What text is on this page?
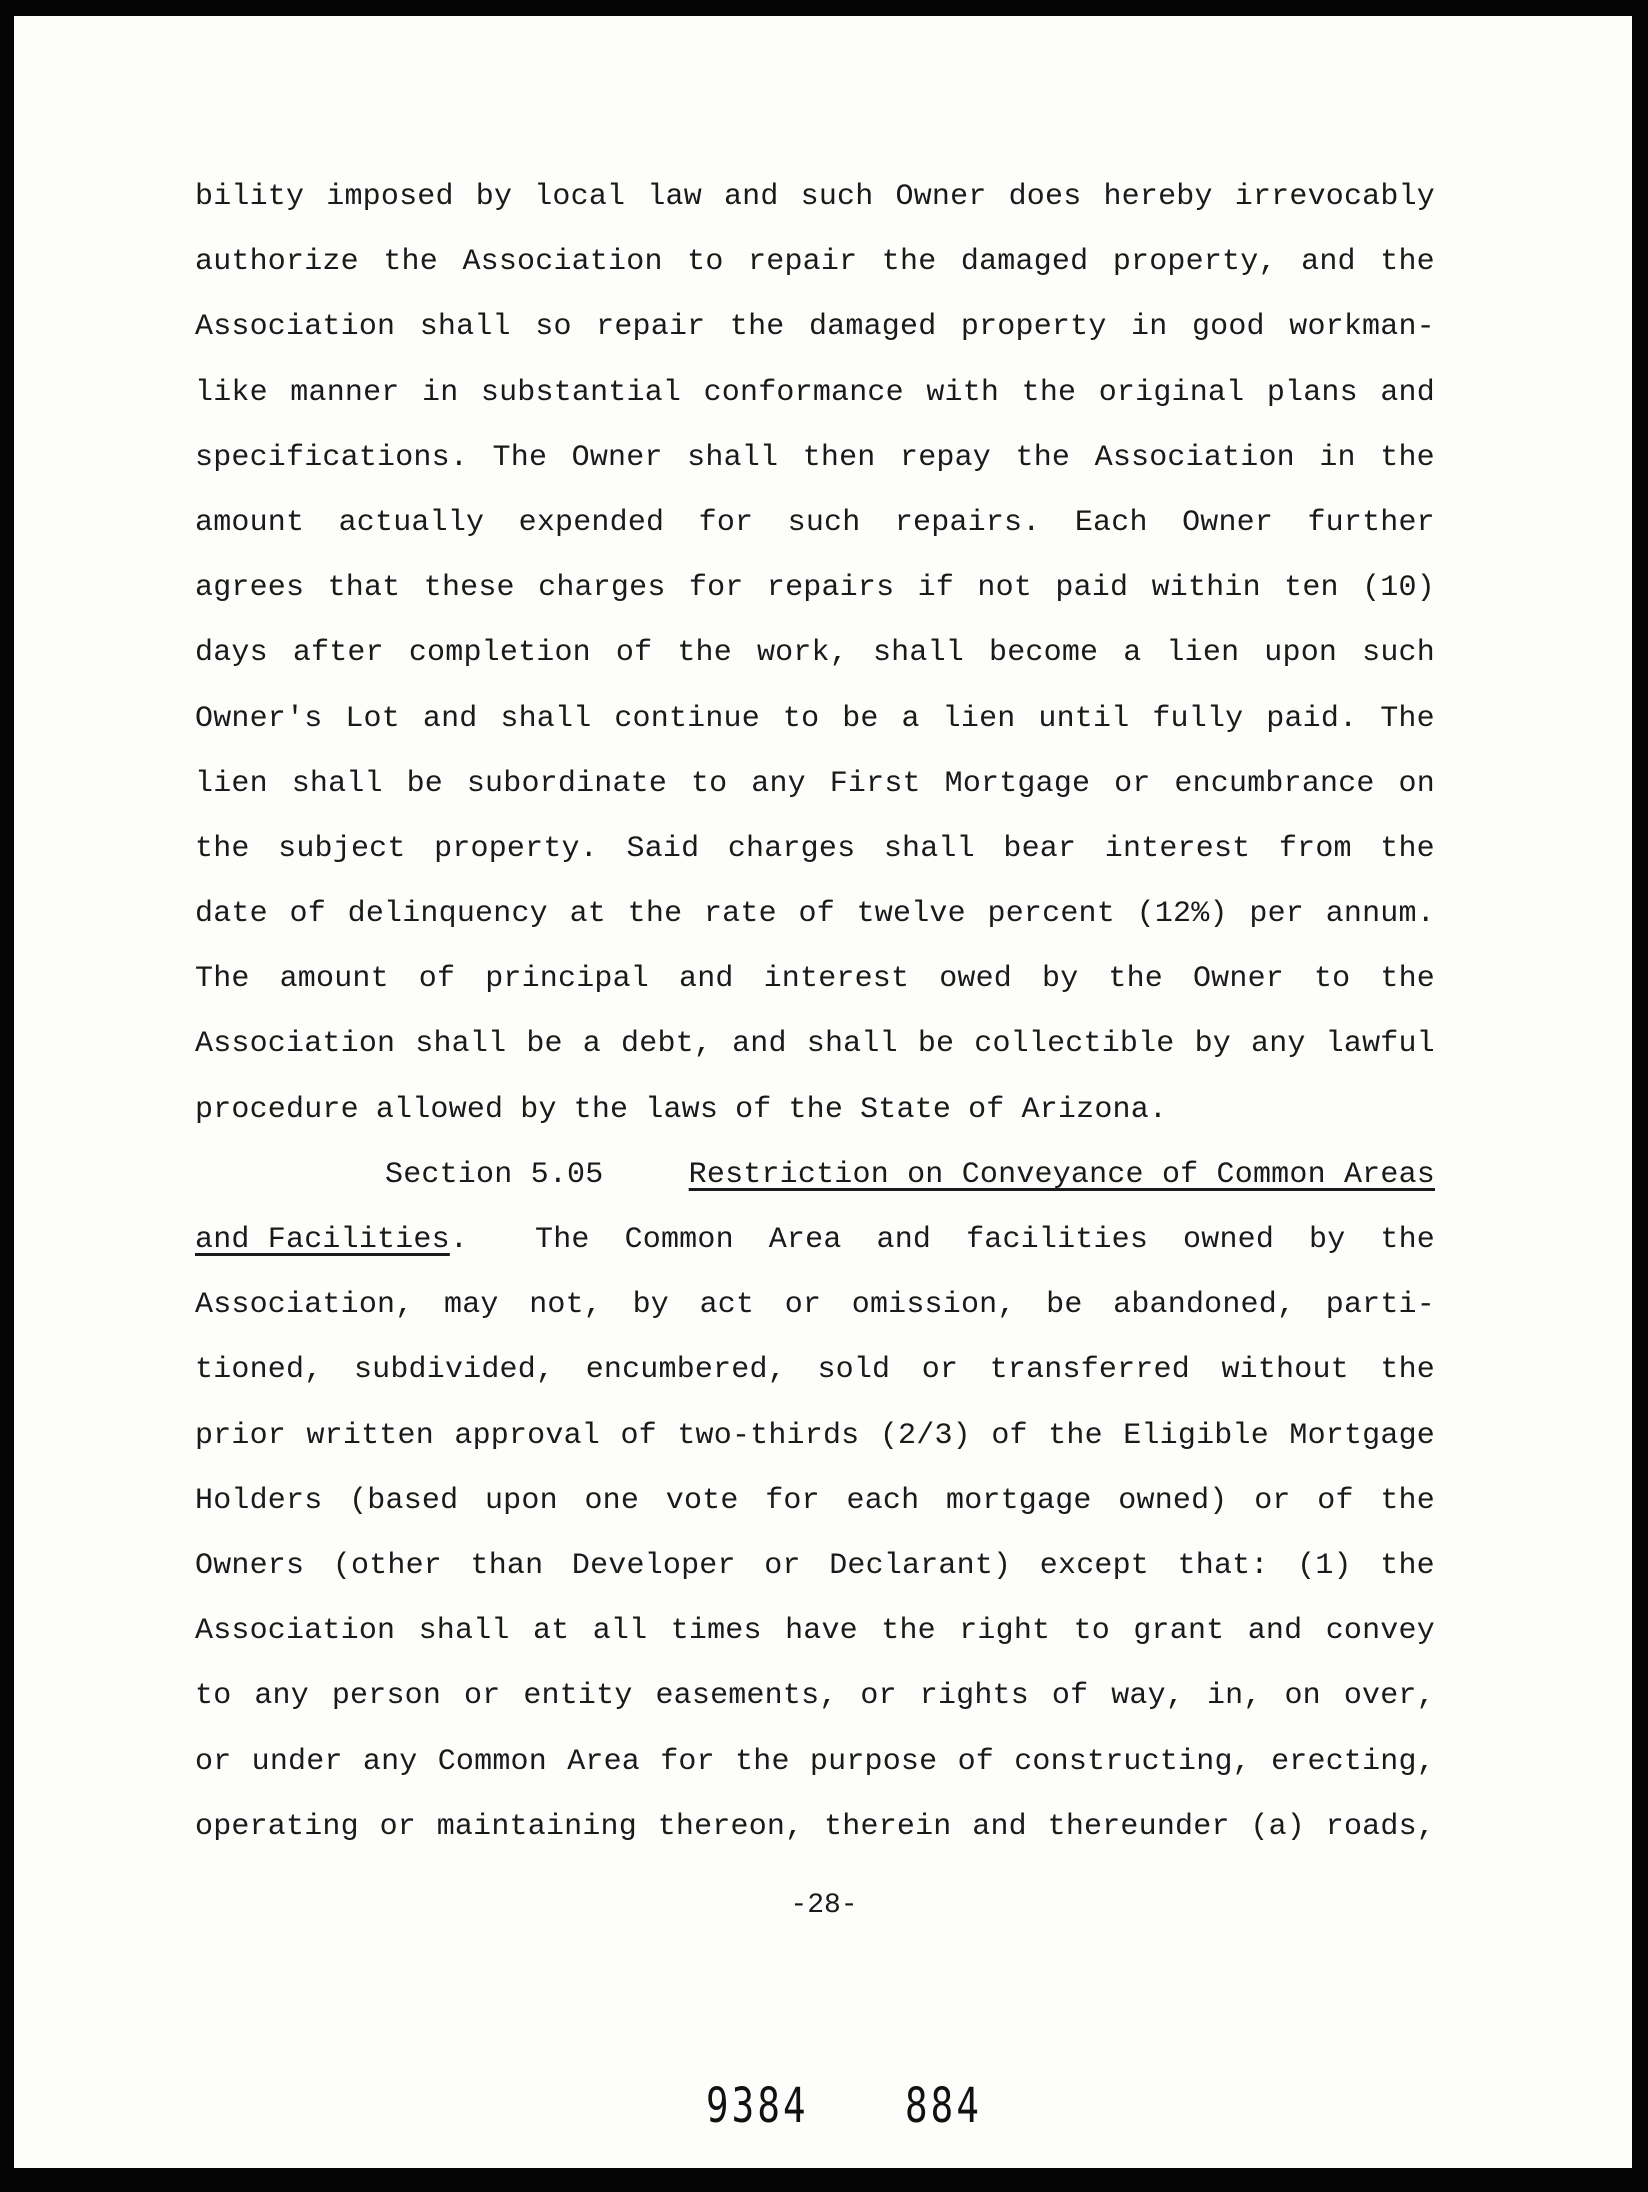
bility imposed by local law and such Owner does hereby irrevocably
authorize the Association to repair the damaged property, and the
Association shall so repair the damaged property in good workman-
like manner in substantial conformance with the original plans and
specifications. The Owner shall then repay the Association in the
amount actually expended for such repairs. Each Owner further
agrees that these charges for repairs if not paid within ten (10)
days after completion of the work, shall become a lien upon such
Owner's Lot and shall continue to be a lien until fully paid. The
lien shall be subordinate to any First Mortgage or encumbrance on
the subject property. Said charges shall bear interest from the
date of delinquency at the rate of twelve percent (12%) per annum.
The amount of principal and interest owed by the Owner to the
Association shall be a debt, and shall be collectible by any lawful
procedure allowed by the laws of the State of Arizona.
Section 5.05	Restriction on Conveyance of Common Areas
and Facilities. The Common Area and facilities owned by the
Association, may not, by act or omission, be abandoned, parti-
tioned, subdivided, encumbered, sold or transferred without the
prior written approval of two-thirds (2/3) of the Eligible Mortgage
Holders (based upon one vote for each mortgage owned) or of the
Owners (other than Developer or Declarant) except that: (1) the
Association shall at all times have the right to grant and convey
to any person or entity easements, or rights of way, in, on over,
or under any Common Area for the purpose of constructing, erecting,
operating or maintaining thereon, therein and thereunder (a) roads,
-28-
9384 884
